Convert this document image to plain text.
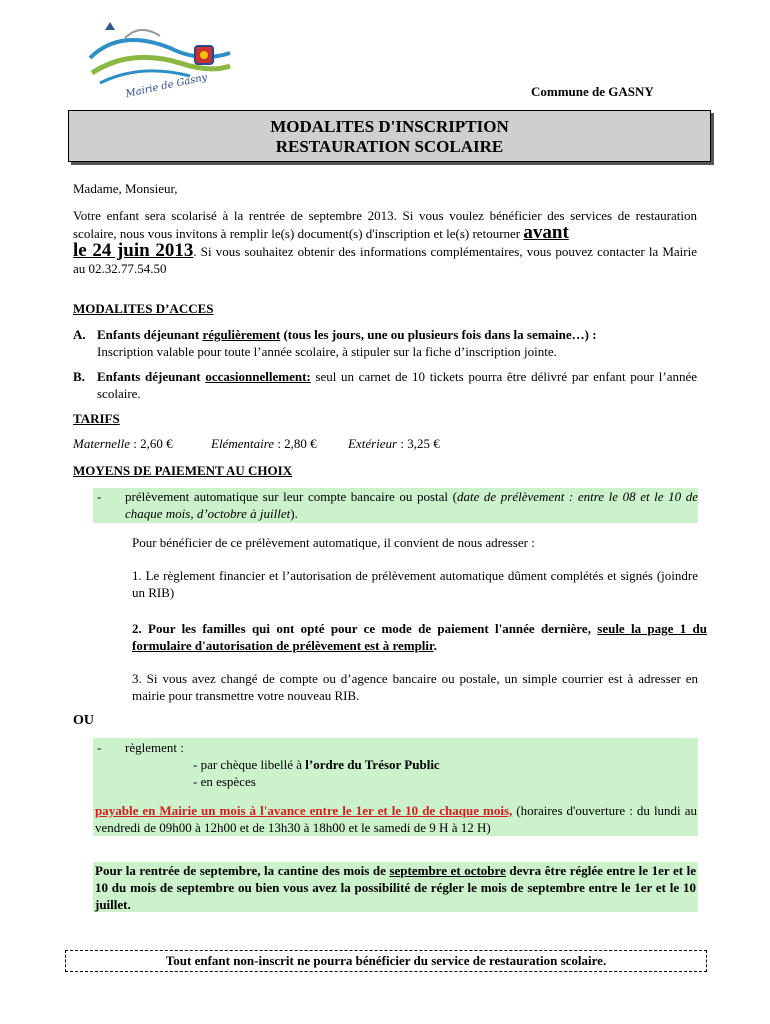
Mairie de Gasny	Commune de GASNY
MODALITES D'INSCRIPTION
RESTAURATION SCOLAIRE

Madame, Monsieur,

Votre enfant sera scolarisé à la rentrée de septembre 2013. Si vous voulez bénéficier des services de restauration scolaire, nous vous invitons à remplir le(s) document(s) d'inscription et le(s) retourner avant
le 24 juin 2013. Si vous souhaitez obtenir des informations complémentaires, vous pouvez contacter la Mairie au 02.32.77.54.50

MODALITES D’ACCES

A. Enfants déjeunant régulièrement (tous les jours, une ou plusieurs fois dans la semaine…) :
Inscription valable pour toute l’année scolaire, à stipuler sur la fiche d’inscription jointe.
B. Enfants déjeunant occasionnellement: seul un carnet de 10 tickets pourra être délivré par enfant pour l’année scolaire.

TARIFS

Maternelle : 2,60 €	Elémentaire : 2,80 € Extérieur : 3,25 €

MOYENS DE PAIEMENT AU CHOIX

- prélèvement automatique sur leur compte bancaire ou postal (date de prélèvement : entre le 08 et le 10 de chaque mois, d’octobre à juillet).

Pour bénéficier de ce prélèvement automatique, il convient de nous adresser :

1. Le règlement financier et l’autorisation de prélèvement automatique dûment complétés et signés (joindre un RIB)

2. Pour les familles qui ont opté pour ce mode de paiement l'année dernière, seule la page 1 du formulaire d'autorisation de prélèvement est à remplir.

3. Si vous avez changé de compte ou d’agence bancaire ou postale, un simple courrier est à adresser en mairie pour transmettre votre nouveau RIB.

OU

- règlement :
- par chèque libellé à l’ordre du Trésor Public
- en espèces

payable en Mairie un mois à l'avance entre le 1er et le 10 de chaque mois, (horaires d'ouverture : du lundi au vendredi de 09h00 à 12h00 et de 13h30 à 18h00 et le samedi de 9 H à 12 H)

Pour la rentrée de septembre, la cantine des mois de septembre et octobre devra être réglée entre le 1er et le 10 du mois de septembre ou bien vous avez la possibilité de régler le mois de septembre entre le 1er et le 10 juillet.
Tout enfant non-inscrit ne pourra bénéficier du service de restauration scolaire.
